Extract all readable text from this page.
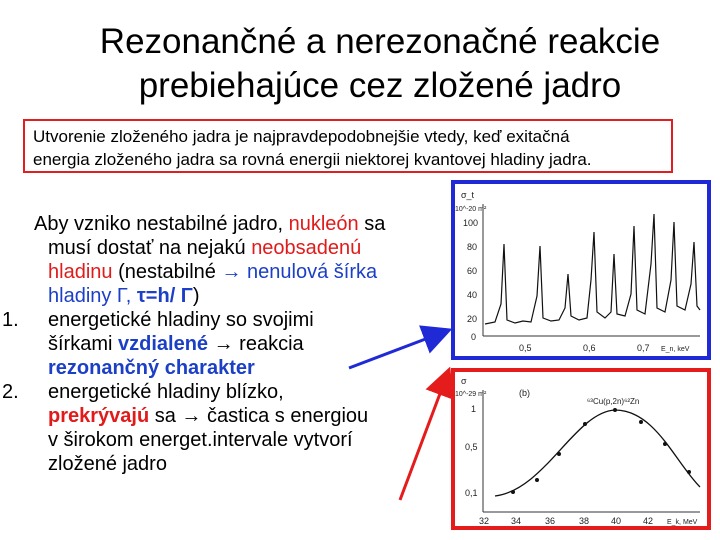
Rezonančné a nerezonačné reakcie
prebiehajúce cez zložené jadro
Utvorenie zloženého jadra je najpravdepodobnejšie vtedy, keď exitačná
energia zloženého jadra sa rovná energii niektorej kvantovej hladiny jadra.
Aby vzniko nestabilné jadro, nukleón sa
musí dostať na nejakú neobsadenú
hladinu (nestabilné → nenulová šírka
hladiny Γ, τ=h/ Γ)
1. energetické hladiny so svojimi
šírkami vzdialené → reakcia
rezonančný charakter
2. energetické hladiny blízko,
prekrývajú sa → častica s energiou
v širokom energet.intervale vytvorí
zložené jadro
σ_t
10^-20 m²
100
80
60
40
20
0
0,5	0,6	0,7 E_n, keV
σ
10^-29 m²	(b)
⁶³Cu(p,2n)⁶²Zn
1
0,5
0,1
32 34	36	38 40 42 E_k, MeV
